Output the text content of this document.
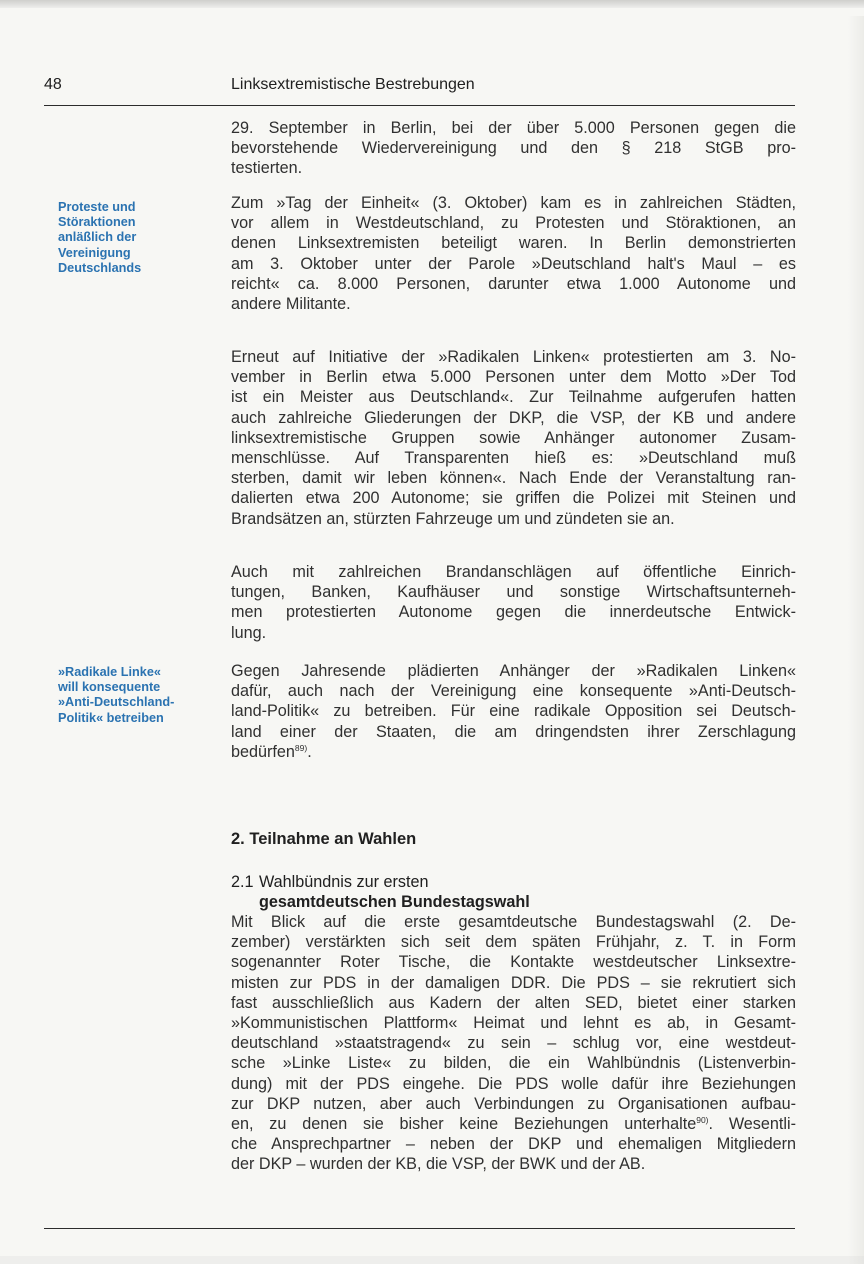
48	Linksextremistische Bestrebungen
Proteste und
Störaktionen
anläßlich der
Vereinigung
Deutschlands
»Radikale Linke«
will konsequente
»Anti-Deutschland-
Politik« betreiben
29. September in Berlin, bei der über 5.000 Personen gegen die
bevorstehende Wiedervereinigung und den § 218 StGB pro-
testierten.
Zum »Tag der Einheit« (3. Oktober) kam es in zahlreichen Städten,
vor allem in Westdeutschland, zu Protesten und Störaktionen, an
denen Linksextremisten beteiligt waren. In Berlin demonstrierten
am 3. Oktober unter der Parole »Deutschland halt's Maul – es
reicht« ca. 8.000 Personen, darunter etwa 1.000 Autonome und
andere Militante.
Erneut auf Initiative der »Radikalen Linken« protestierten am 3. No-
vember in Berlin etwa 5.000 Personen unter dem Motto »Der Tod
ist ein Meister aus Deutschland«. Zur Teilnahme aufgerufen hatten
auch zahlreiche Gliederungen der DKP, die VSP, der KB und andere
linksextremistische Gruppen sowie Anhänger autonomer Zusam-
menschlüsse. Auf Transparenten hieß es: »Deutschland muß
sterben, damit wir leben können«. Nach Ende der Veranstaltung ran-
dalierten etwa 200 Autonome; sie griffen die Polizei mit Steinen und
Brandsätzen an, stürzten Fahrzeuge um und zündeten sie an.
Auch mit zahlreichen Brandanschlägen auf öffentliche Einrich-
tungen, Banken, Kaufhäuser und sonstige Wirtschaftsunterneh-
men protestierten Autonome gegen die innerdeutsche Entwick-
lung.
Gegen Jahresende plädierten Anhänger der »Radikalen Linken«
dafür, auch nach der Vereinigung eine konsequente »Anti-Deutsch-
land-Politik« zu betreiben. Für eine radikale Opposition sei Deutsch-
land einer der Staaten, die am dringendsten ihrer Zerschlagung
bedürfen$^{89)}$.
2. Teilnahme an Wahlen
2.1 Wahlbündnis zur ersten
gesamtdeutschen Bundestagswahl
Mit Blick auf die erste gesamtdeutsche Bundestagswahl (2. De-
zember) verstärkten sich seit dem späten Frühjahr, z. T. in Form
sogenannter Roter Tische, die Kontakte westdeutscher Linksextre-
misten zur PDS in der damaligen DDR. Die PDS – sie rekrutiert sich
fast ausschließlich aus Kadern der alten SED, bietet einer starken
»Kommunistischen Plattform« Heimat und lehnt es ab, in Gesamt-
deutschland »staatstragend« zu sein – schlug vor, eine westdeut-
sche »Linke Liste« zu bilden, die ein Wahlbündnis (Listenverbin-
dung) mit der PDS eingehe. Die PDS wolle dafür ihre Beziehungen
zur DKP nutzen, aber auch Verbindungen zu Organisationen aufbau-
en, zu denen sie bisher keine Beziehungen unterhalte$^{90)}$. Wesentli-
che Ansprechpartner – neben der DKP und ehemaligen Mitgliedern
der DKP – wurden der KB, die VSP, der BWK und der AB.
